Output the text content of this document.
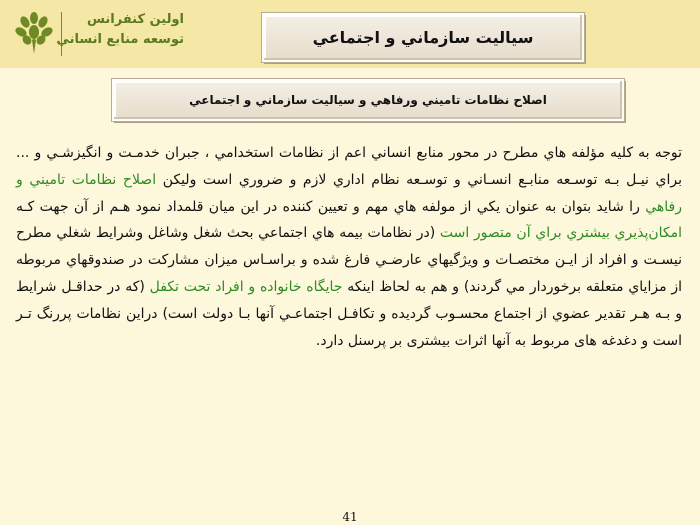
اولين كنفرانس
توسعه منابع انساني	سياليت سازماني و اجتماعي
اصلاح نظامات تاميني ورفاهي و سياليت سازماني و اجتماعي
توجه به كليه مؤلفه هاي مطرح در محور منابع انساني اعم از نظامات استخدامي ، جبران خدمـت و انگيزشـي و ... براي نيـل بـه توسـعه منابـع انسـاني و توسـعه نظام اداري لازم و ضروري است وليكن اصلاح نظامات تاميني و رفاهي را شايد بتوان به عنوان يكي از مولفه هاي مهم و تعيين كننده در اين ميان قلمداد نمود هـم از آن جهت كـه امكان‌پذيري بيشتري براي آن متصور است (در نظامات بيمه هاي اجتماعي بحث شغل وشاغل وشرايط شغلي مطرح نيسـت و افراد از ايـن مختصـات و ويژگيهاي عارضـي فارغ شده و براسـاس ميزان مشاركت در صندوقهاي مربوطه از مزاياي متعلقه برخوردار مي گردند) و هم به لحاظ اينكه جايگاه خانواده و افراد تحت تكفل (كه در حداقـل شرايط و بـه هـر تقدير عضوي از اجتماع محسـوب گرديده و تكافـل اجتماعـي آنها بـا دولت است) دراين نظامات پررنگ تـر است و دغدغه هاى مربوط به آنها اثرات بيشترى بر پرسنل دارد.
41
